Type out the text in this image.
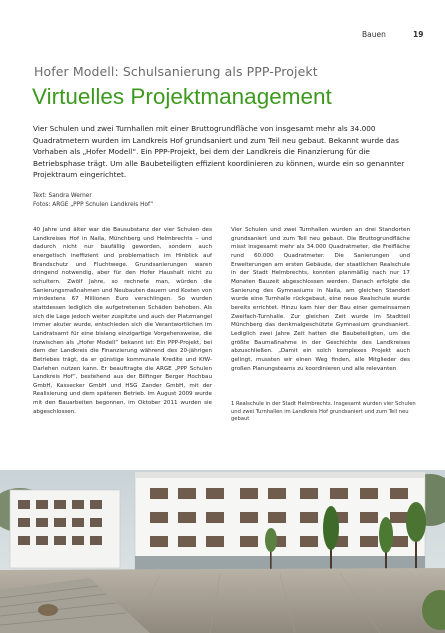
Bauen	19
Hofer Modell: Schulsanierung als PPP-Projekt
Virtuelles Projektmanagement
Vier Schulen und zwei Turnhallen mit einer Bruttogrundfläche von insgesamt mehr als 34.000 Quadratmetern wurden im Landkreis Hof grundsaniert und zum Teil neu gebaut. Bekannt wurde das Vorhaben als „Hofer Modell“. Ein PPP-Projekt, bei dem der Landkreis die Finanzierung für die Betriebsphase trägt. Um alle Baubeteiligten effizient koordinieren zu können, wurde ein so genannter Projektraum eingerichtet.
Text: Sandra Werner
Fotos: ARGE „PPP Schulen Landkreis Hof“
40 Jahre und älter war die Bausubstanz der vier Schulen des Landkreises Hof in Naila, Münchberg und Helmbrechts – und dadurch nicht nur baufällig geworden, sondern auch energetisch ineffizient und problematisch im Hinblick auf Brandschutz und Fluchtwege. Grundsanierungen waren dringend notwendig, aber für den Hofer Haushalt nicht zu schultern. Zwölf Jahre, so rechnete man, würden die Sanierungsmaßnahmen und Neubauten dauern und Kosten von mindestens 67 Millionen Euro verschlingen. So wurden stattdessen lediglich die aufgetretenen Schäden behoben. Als sich die Lage jedoch weiter zuspitzte und auch der Platzmangel immer akuter wurde, entschieden sich die Verantwortlichen im Landratsamt für eine bislang einzigartige Vorgehensweise, die inzwischen als „Hofer Modell“ bekannt ist: Ein PPP-Projekt, bei dem der Landkreis die Finanzierung während des 20-jährigen Betriebes trägt, da er günstige kommunale Kredite und KfW-Darlehen nutzen kann. Er beauftragte die ARGE „PPP Schulen Landkreis Hof“, bestehend aus der Bilfinger Berger Hochbau GmbH, Kassecker GmbH und HSG Zander GmbH, mit der Realisierung und dem späteren Betrieb. Im August 2009 wurde mit den Bauarbeiten begonnen, im Oktober 2011 wurden sie abgeschlossen.
Vier Schulen und zwei Turnhallen wurden an drei Standorten grundsaniert und zum Teil neu gebaut. Die Bruttogrundfläche misst insgesamt mehr als 34.000 Quadratmeter, die Freifläche rund 60.000 Quadratmeter. Die Sanierungen und Erweiterungen am ersten Gebäude, der staatlichen Realschule in der Stadt Helmbrechts, konnten planmäßig nach nur 17 Monaten Bauzeit abgeschlossen werden. Danach erfolgte die Sanierung des Gymnasiums in Naila, am gleichen Standort wurde eine Turnhalle rückgebaut, eine neue Realschule wurde bereits errichtet. Hinzu kam hier der Bau einer gemeinsamen Zweifach-Turnhalle. Zur gleichen Zeit wurde im Stadtteil Münchberg das denkmalgeschützte Gymnasium grundsaniert. Lediglich zwei Jahre Zeit hatten die Baubeteiligten, um die größte Baumaßnahme in der Geschichte des Landkreises abzuschließen. „Damit ein solch komplexes Projekt auch gelingt, mussten wir einen Weg finden, alle Mitglieder des großen Planungsteams zu koordinieren und alle relevanten
1 Realschule in der Stadt Helmbrechts. Insgesamt wurden vier Schulen und zwei Turnhallen im Landkreis Hof grundsaniert und zum Teil neu gebaut
